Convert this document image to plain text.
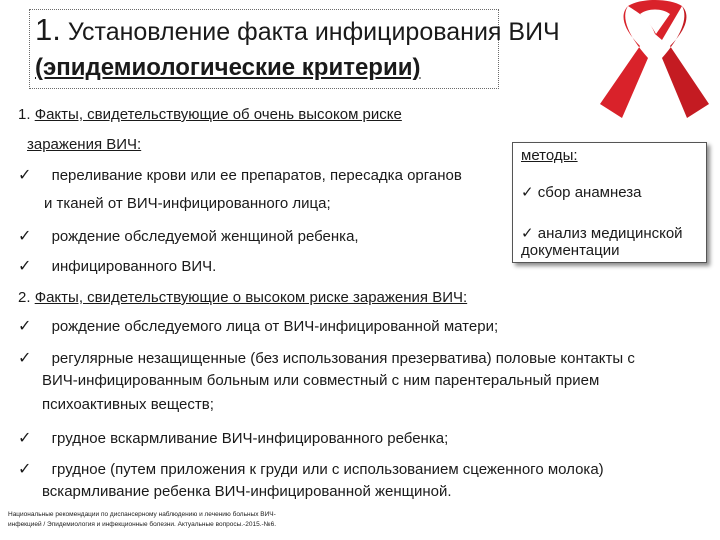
1. Установление факта инфицирования ВИЧ
(эпидемиологические критерии)
1. Факты, свидетельствующие об очень высоком риске
заражения ВИЧ:
✓ переливание крови или ее препаратов, пересадка органов
и тканей от ВИЧ-инфицированного лица;
✓ рождение обследуемой женщиной ребенка,
✓ инфицированного ВИЧ.
методы:
✓ сбор анамнеза
✓ анализ медицинской документации
2. Факты, свидетельствующие о высоком риске заражения ВИЧ:
✓ рождение обследуемого лица от ВИЧ-инфицированной матери;
✓ регулярные незащищенные (без использования презерватива) половые контакты с
ВИЧ-инфицированным больным или совместный с ним парентеральный прием
психоактивных веществ;
✓ грудное вскармливание ВИЧ-инфицированного ребенка;
✓ грудное (путем приложения к груди или с использованием сцеженного молока)
вскармливание ребенка ВИЧ-инфицированной женщиной.
Национальные рекомендации по диспансерному наблюдению и лечению больных ВИЧ-
инфекцией / Эпидемиология и инфекционные болезни. Актуальные вопросы.-2015.-№6.
